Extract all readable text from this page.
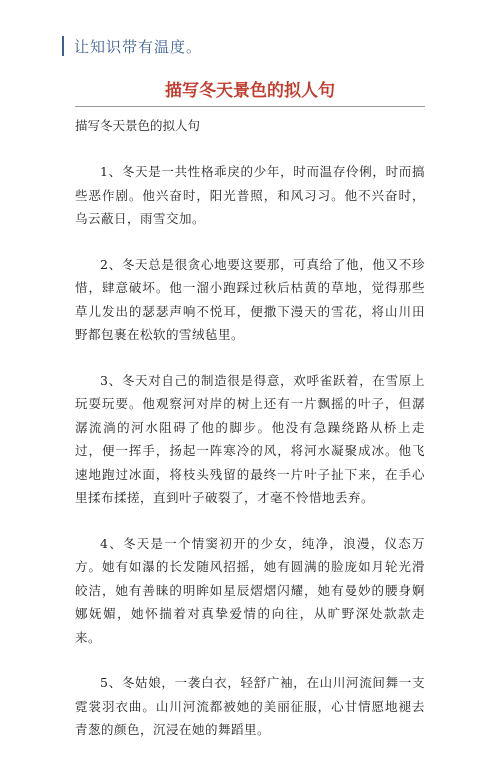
让知识带有温度。
描写冬天景色的拟人句

描写冬天景色的拟人句

1、冬天是一共性格乖戾的少年，时而温存伶俐，时而搞些恶作剧。他兴奋时，阳光普照，和风习习。他不兴奋时，乌云蔽日，雨雪交加。

2、冬天总是很贪心地要这要那，可真给了他，他又不珍惜，肆意破坏。他一溜小跑踩过秋后枯黄的草地，觉得那些草儿发出的瑟瑟声响不悦耳，便撒下漫天的雪花，将山川田野都包裹在松软的雪绒毡里。

3、冬天对自己的制造很是得意，欢呼雀跃着，在雪原上玩耍玩要。他观察河对岸的树上还有一片飘摇的叶子，但潺潺流淌的河水阻碍了他的脚步。他没有急躁绕路从桥上走过，便一挥手，扬起一阵寒冷的风，将河水凝聚成冰。他飞速地跑过冰面，将枝头残留的最终一片叶子扯下来，在手心里揉布揉搓，直到叶子破裂了，才毫不怜惜地丢弃。

4、冬天是一个情窦初开的少女，纯净，浪漫，仪态万方。她有如瀑的长发随风招摇，她有圆满的脸庞如月轮光滑皎洁，她有善睐的明眸如星辰熠熠闪耀，她有曼妙的腰身婀娜妩媚，她怀揣着对真挚爱情的向往，从旷野深处款款走来。

5、冬姑娘，一袭白衣，轻舒广袖，在山川河流间舞一支霓裳羽衣曲。山川河流都被她的美丽征服，心甘情愿地褪去青葱的颜色，沉浸在她的舞蹈里。
